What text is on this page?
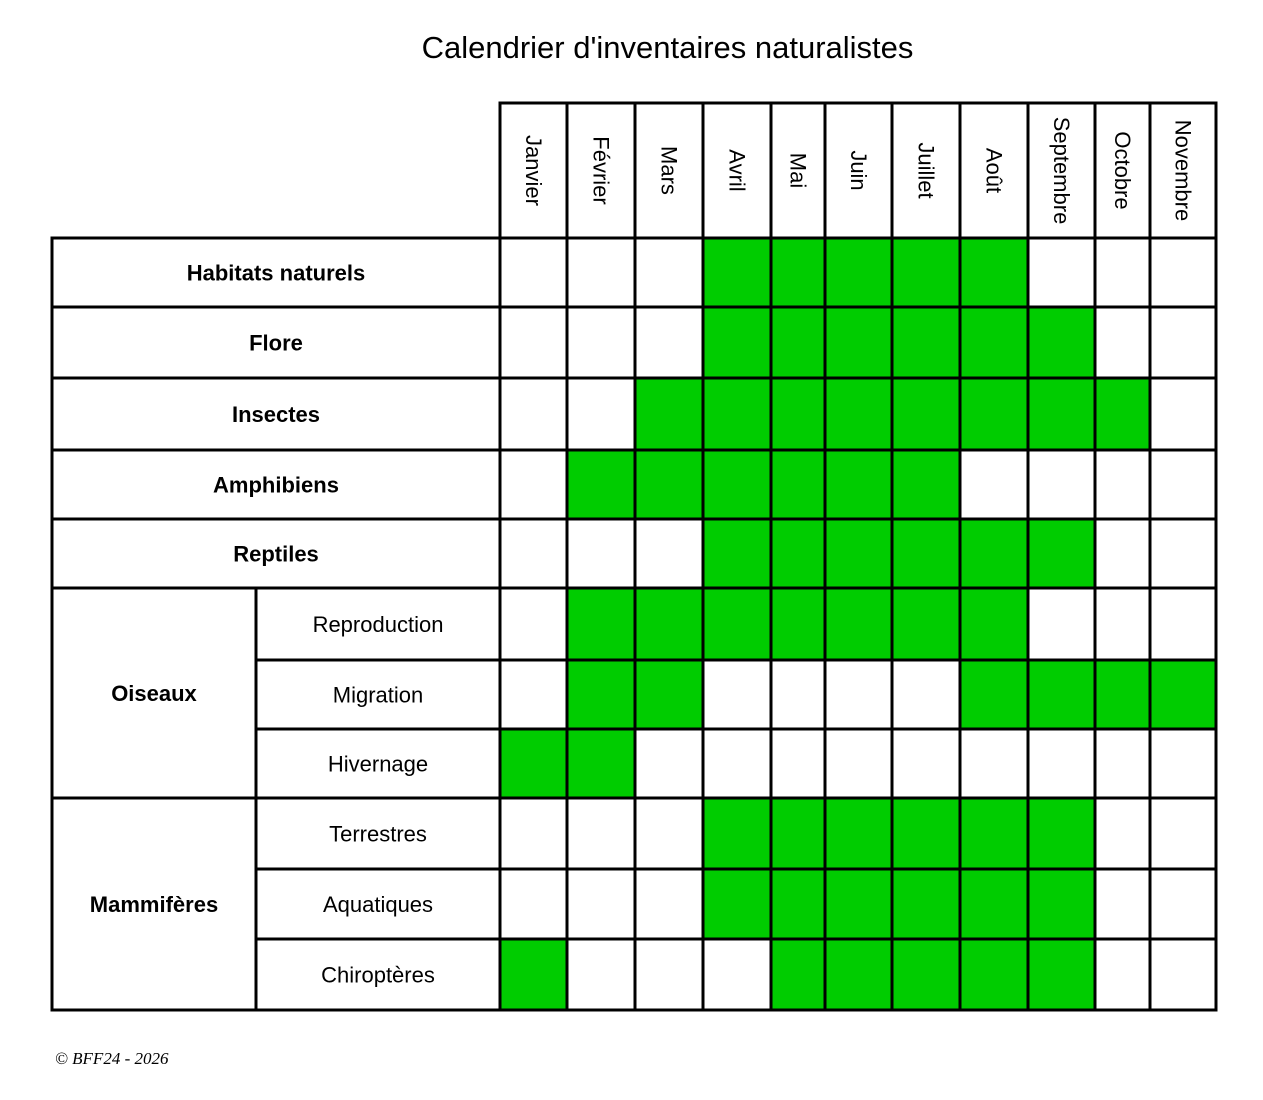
Calendrier d'inventaires naturalistes
Habitats naturels
Flore
Insectes
Amphibiens
Reptiles
Oiseaux
Reproduction
Migration
Hivernage
Mammifères
Terrestres
Aquatiques
Chiroptères
Janvier Février Mars Avril Mai Juin Juillet Août Septembre Octobre Novembre
© BFF24 - 2026
